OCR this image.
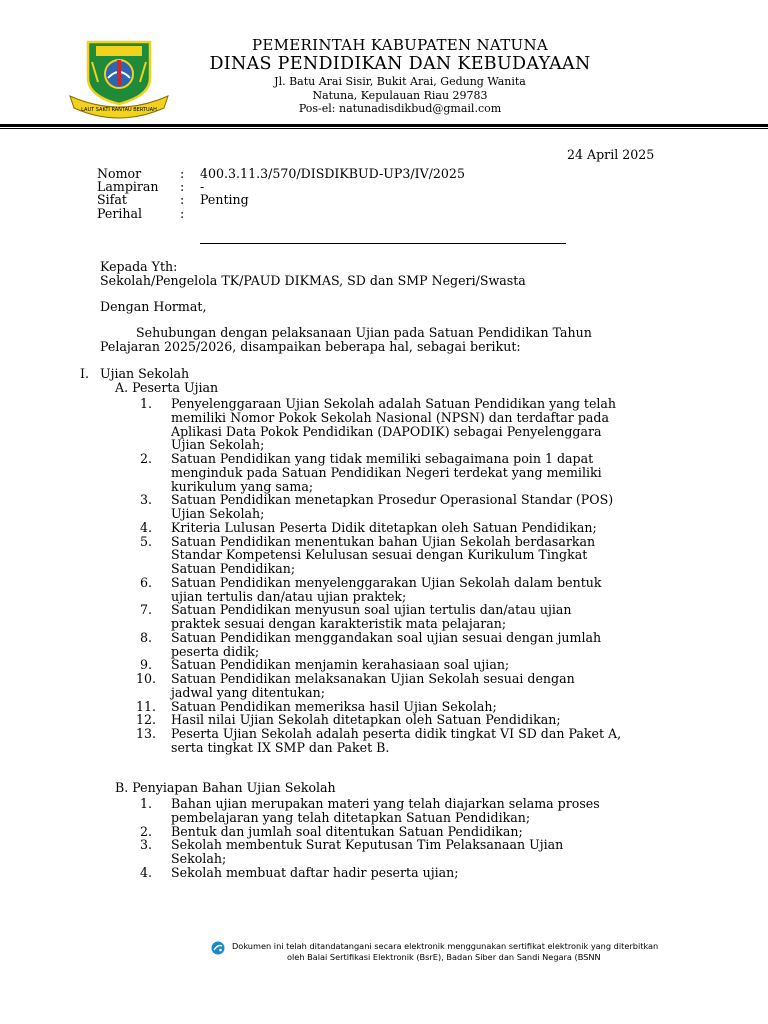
LAUT SAKTI RANTAU BERTUAH
PEMERINTAH KABUPATEN NATUNA
DINAS PENDIDIKAN DAN KEBUDAYAAN
Jl. Batu Arai Sisir, Bukit Arai, Gedung Wanita
Natuna, Kepulauan Riau 29783
Pos-el: natunadisdikbud@gmail.com
24 April 2025
Nomor	: 400.3.11.3/570/DISDIKBUD-UP3/IV/2025
Lampiran : -
Sifat	: Penting
Perihal	:
Kepada Yth:
Sekolah/Pengelola TK/PAUD DIKMAS, SD dan SMP Negeri/Swasta
Dengan Hormat,
Sehubungan dengan pelaksanaan Ujian pada Satuan Pendidikan Tahun
Pelajaran 2025/2026, disampaikan beberapa hal, sebagai berikut:
I. Ujian Sekolah
A. Peserta Ujian
1. Penyelenggaraan Ujian Sekolah adalah Satuan Pendidikan yang telah
memiliki Nomor Pokok Sekolah Nasional (NPSN) dan terdaftar pada
Aplikasi Data Pokok Pendidikan (DAPODIK) sebagai Penyelenggara
Ujian Sekolah;
2. Satuan Pendidikan yang tidak memiliki sebagaimana poin 1 dapat
menginduk pada Satuan Pendidikan Negeri terdekat yang memiliki
kurikulum yang sama;
3. Satuan Pendidikan menetapkan Prosedur Operasional Standar (POS)
Ujian Sekolah;
4. Kriteria Lulusan Peserta Didik ditetapkan oleh Satuan Pendidikan;
5. Satuan Pendidikan menentukan bahan Ujian Sekolah berdasarkan
Standar Kompetensi Kelulusan sesuai dengan Kurikulum Tingkat
Satuan Pendidikan;
6. Satuan Pendidikan menyelenggarakan Ujian Sekolah dalam bentuk
ujian tertulis dan/atau ujian praktek;
7. Satuan Pendidikan menyusun soal ujian tertulis dan/atau ujian
praktek sesuai dengan karakteristik mata pelajaran;
8. Satuan Pendidikan menggandakan soal ujian sesuai dengan jumlah
peserta didik;
9. Satuan Pendidikan menjamin kerahasiaan soal ujian;
10. Satuan Pendidikan melaksanakan Ujian Sekolah sesuai dengan
jadwal yang ditentukan;
11. Satuan Pendidikan memeriksa hasil Ujian Sekolah;
12. Hasil nilai Ujian Sekolah ditetapkan oleh Satuan Pendidikan;
13. Peserta Ujian Sekolah adalah peserta didik tingkat VI SD dan Paket A,
serta tingkat IX SMP dan Paket B.
B. Penyiapan Bahan Ujian Sekolah
1. Bahan ujian merupakan materi yang telah diajarkan selama proses
pembelajaran yang telah ditetapkan Satuan Pendidikan;
2. Bentuk dan jumlah soal ditentukan Satuan Pendidikan;
3. Sekolah membentuk Surat Keputusan Tim Pelaksanaan Ujian
Sekolah;
4. Sekolah membuat daftar hadir peserta ujian;
Dokumen ini telah ditandatangani secara elektronik menggunakan sertifikat elektronik yang diterbitkan
oleh Balai Sertifikasi Elektronik (BsrE), Badan Siber dan Sandi Negara (BSNN
